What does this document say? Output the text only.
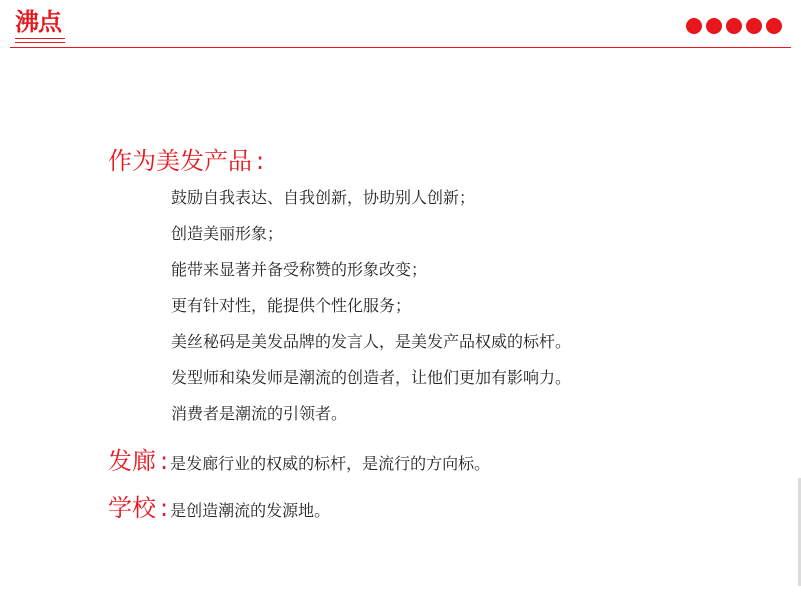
沸点
作为美发产品 :
鼓励自我表达、自我创新，协助别人创新；
创造美丽形象；
能带来显著并备受称赞的形象改变；
更有针对性，能提供个性化服务；
美丝秘码是美发品牌的发言人，是美发产品权威的标杆。
发型师和染发师是潮流的创造者，让他们更加有影响力。
消费者是潮流的引领者。
发廊 : 是发廊行业的权威的标杆，是流行的方向标。
学校 : 是创造潮流的发源地。
